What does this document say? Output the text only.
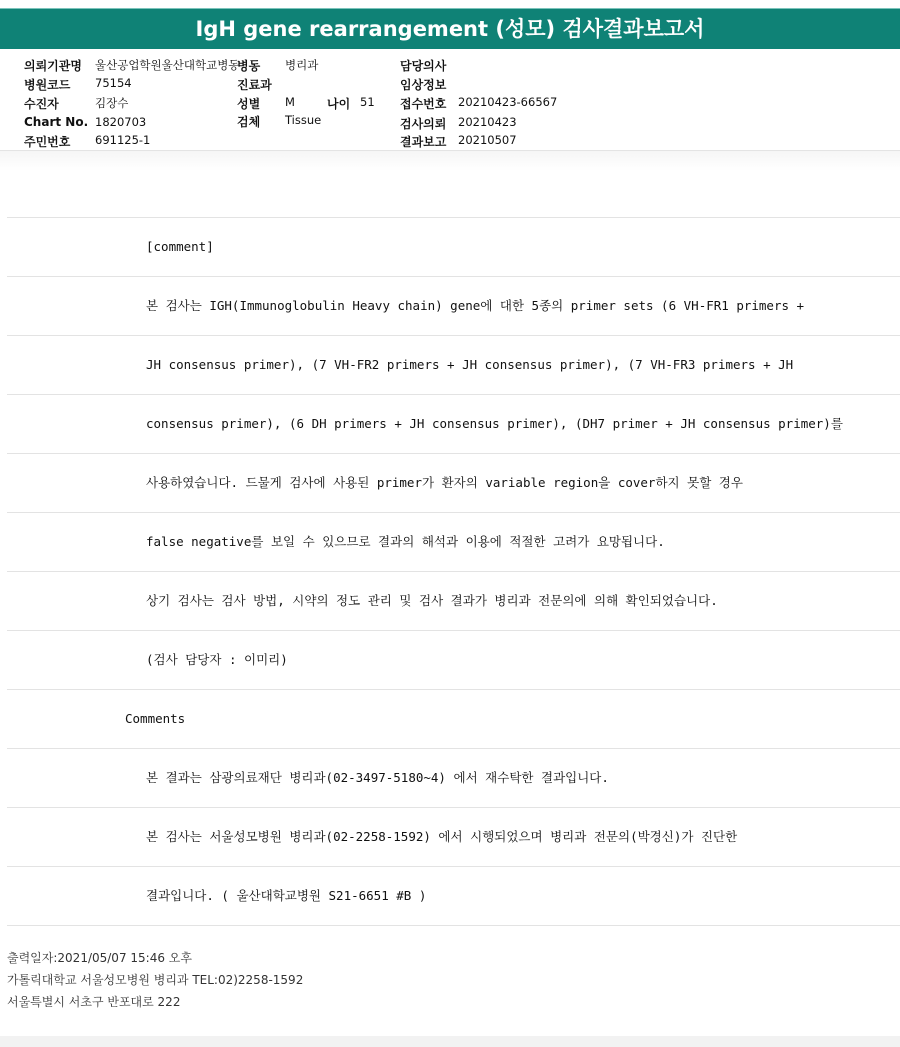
IgH gene rearrangement (성모) 검사결과보고서
의뢰기관명 울산공업학원울산대학교병동
병동 병리과	담당의사
병원코드 75154	진료과	임상정보
수진자	김장수	성별 M	나이 51 접수번호 20210423-66567
Chart No. 1820703	검체 Tissue	검사의뢰 20210423
주민번호 691125-1	결과보고 20210507
[comment]
본 검사는 IGH(Immunoglobulin Heavy chain) gene에 대한 5종의 primer sets (6 VH-FR1 primers +
JH consensus primer), (7 VH-FR2 primers + JH consensus primer), (7 VH-FR3 primers + JH
consensus primer), (6 DH primers + JH consensus primer), (DH7 primer + JH consensus primer)를
사용하였습니다. 드물게 검사에 사용된 primer가 환자의 variable region을 cover하지 못할 경우
false negative를 보일 수 있으므로 결과의 해석과 이용에 적절한 고려가 요망됩니다.
상기 검사는 검사 방법, 시약의 정도 관리 및 검사 결과가 병리과 전문의에 의해 확인되었습니다.
(검사 담당자 : 이미리)
Comments
본 결과는 삼광의료재단 병리과(02-3497-5180~4) 에서 재수탁한 결과입니다.
본 검사는 서울성모병원 병리과(02-2258-1592) 에서 시행되었으며 병리과 전문의(박경신)가 진단한
결과입니다. ( 울산대학교병원 S21-6651 #B )
출력일자:2021/05/07 15:46 오후
가톨릭대학교 서울성모병원 병리과 TEL:02)2258-1592
서울특별시 서초구 반포대로 222
